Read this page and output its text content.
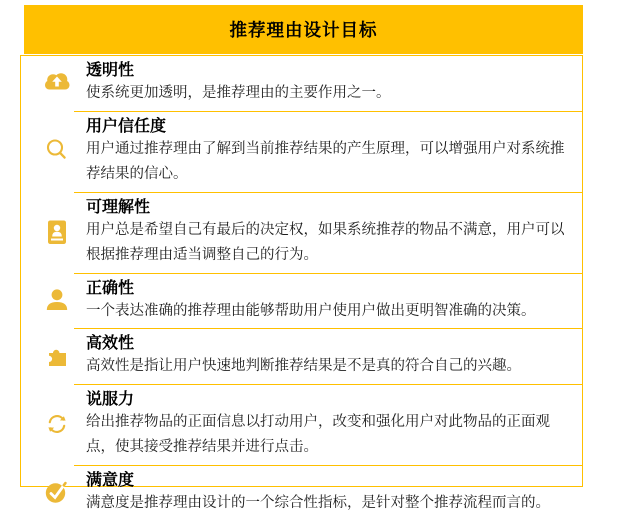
推荐理由设计目标
透明性

使系统更加透明，是推荐理由的主要作用之一。

用户信任度

用户通过推荐理由了解到当前推荐结果的产生原理，可以增强用户对系统推荐结果的信心。

可理解性

用户总是希望自己有最后的决定权，如果系统推荐的物品不满意，用户可以根据推荐理由适当调整自己的行为。

正确性

一个表达准确的推荐理由能够帮助用户使用户做出更明智准确的决策。

高效性

高效性是指让用户快速地判断推荐结果是不是真的符合自己的兴趣。

说服力

给出推荐物品的正面信息以打动用户，改变和强化用户对此物品的正面观点，使其接受推荐结果并进行点击。

满意度

满意度是推荐理由设计的一个综合性指标，是针对整个推荐流程而言的。
